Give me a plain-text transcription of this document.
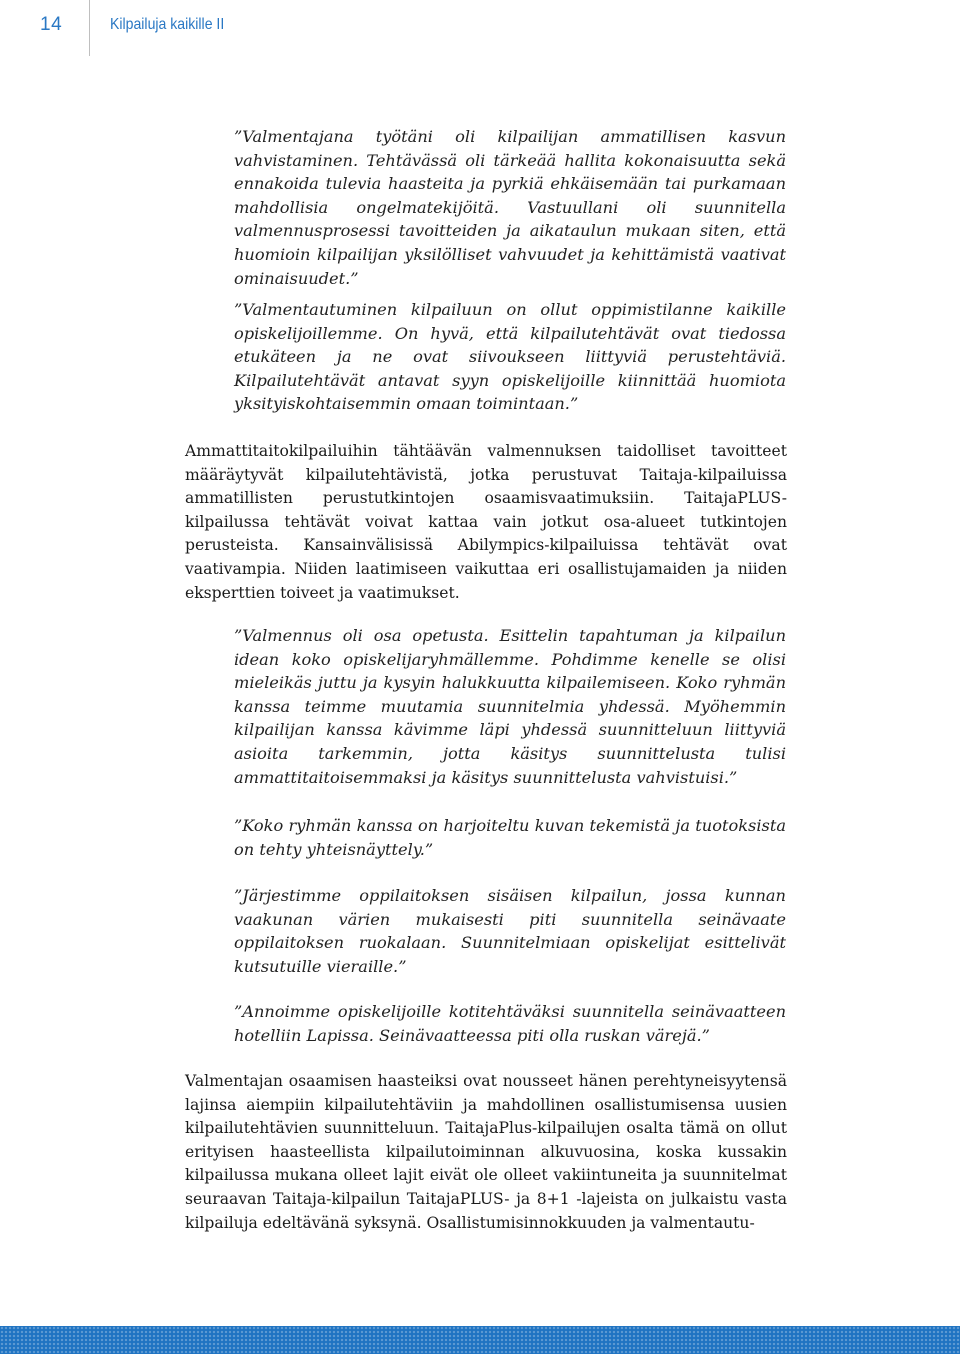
14	Kilpailuja kaikille II

”Valmentajana työtäni oli kilpailijan ammatillisen kasvun vahvistaminen. Tehtävässä oli tärkeää hallita kokonaisuutta sekä ennakoida tulevia haasteita ja pyrkiä ehkäisemään tai purkamaan mahdollisia ongelmatekijöitä. Vastuullani oli suunnitella valmennusprosessi tavoitteiden ja aikataulun mukaan siten, että huomioin kilpailijan yksilölliset vahvuudet ja kehittämistä vaativat ominaisuudet.”

”Valmentautuminen kilpailuun on ollut oppimistilanne kaikille opiskelijoillemme. On hyvä, että kilpailutehtävät ovat tiedossa etukäteen ja ne ovat siivoukseen liittyviä perustehtäviä. Kilpailutehtävät antavat syyn opiskelijoille kiinnittää huomiota yksityiskohtaisemmin omaan toimintaan.”

Ammattitaitokilpailuihin tähtäävän valmennuksen taidolliset tavoitteet määräytyvät kilpailutehtävistä, jotka perustuvat Taitaja-kilpailuissa ammatillisten perustutkintojen osaamisvaatimuksiin. TaitajaPLUS-kilpailussa tehtävät voivat kattaa vain jotkut osa-alueet tutkintojen perusteista. Kansainvälisissä Abilympics-kilpailuissa tehtävät ovat vaativampia. Niiden laatimiseen vaikuttaa eri osallistujamaiden ja niiden eksperttien toiveet ja vaatimukset.

”Valmennus oli osa opetusta. Esittelin tapahtuman ja kilpailun idean koko opiskelijaryhmällemme. Pohdimme kenelle se olisi mieleikäs juttu ja kysyin halukkuutta kilpailemiseen. Koko ryhmän kanssa teimme muutamia suunnitelmia yhdessä. Myöhemmin kilpailijan kanssa kävimme läpi yhdessä suunnitteluun liittyviä asioita tarkemmin, jotta käsitys suunnittelusta tulisi ammattitaitoisemmaksi ja käsitys suunnittelusta vahvistuisi.”

”Koko ryhmän kanssa on harjoiteltu kuvan tekemistä ja tuotoksista on tehty yhteisnäyttely.”

”Järjestimme oppilaitoksen sisäisen kilpailun, jossa kunnan vaakunan värien mukaisesti piti suunnitella seinävaate oppilaitoksen ruokalaan. Suunnitelmiaan opiskelijat esittelivät kutsutuille vieraille.”

”Annoimme opiskelijoille kotitehtäväksi suunnitella seinävaatteen hotelliin Lapissa. Seinävaatteessa piti olla ruskan värejä.”

Valmentajan osaamisen haasteiksi ovat nousseet hänen perehtyneisyytensä lajinsa aiempiin kilpailutehtäviin ja mahdollinen osallistumisensa uusien kilpailutehtävien suunnitteluun. TaitajaPlus-kilpailujen osalta tämä on ollut erityisen haasteellista kilpailutoiminnan alkuvuosina, koska kussakin kilpailussa mukana olleet lajit eivät ole olleet vakiintuneita ja suunnitelmat seuraavan Taitaja-kilpailun TaitajaPLUS- ja 8+1 -lajeista on julkaistu vasta kilpailuja edeltävänä syksynä. Osallistumisinnokkuuden ja valmentautu-
